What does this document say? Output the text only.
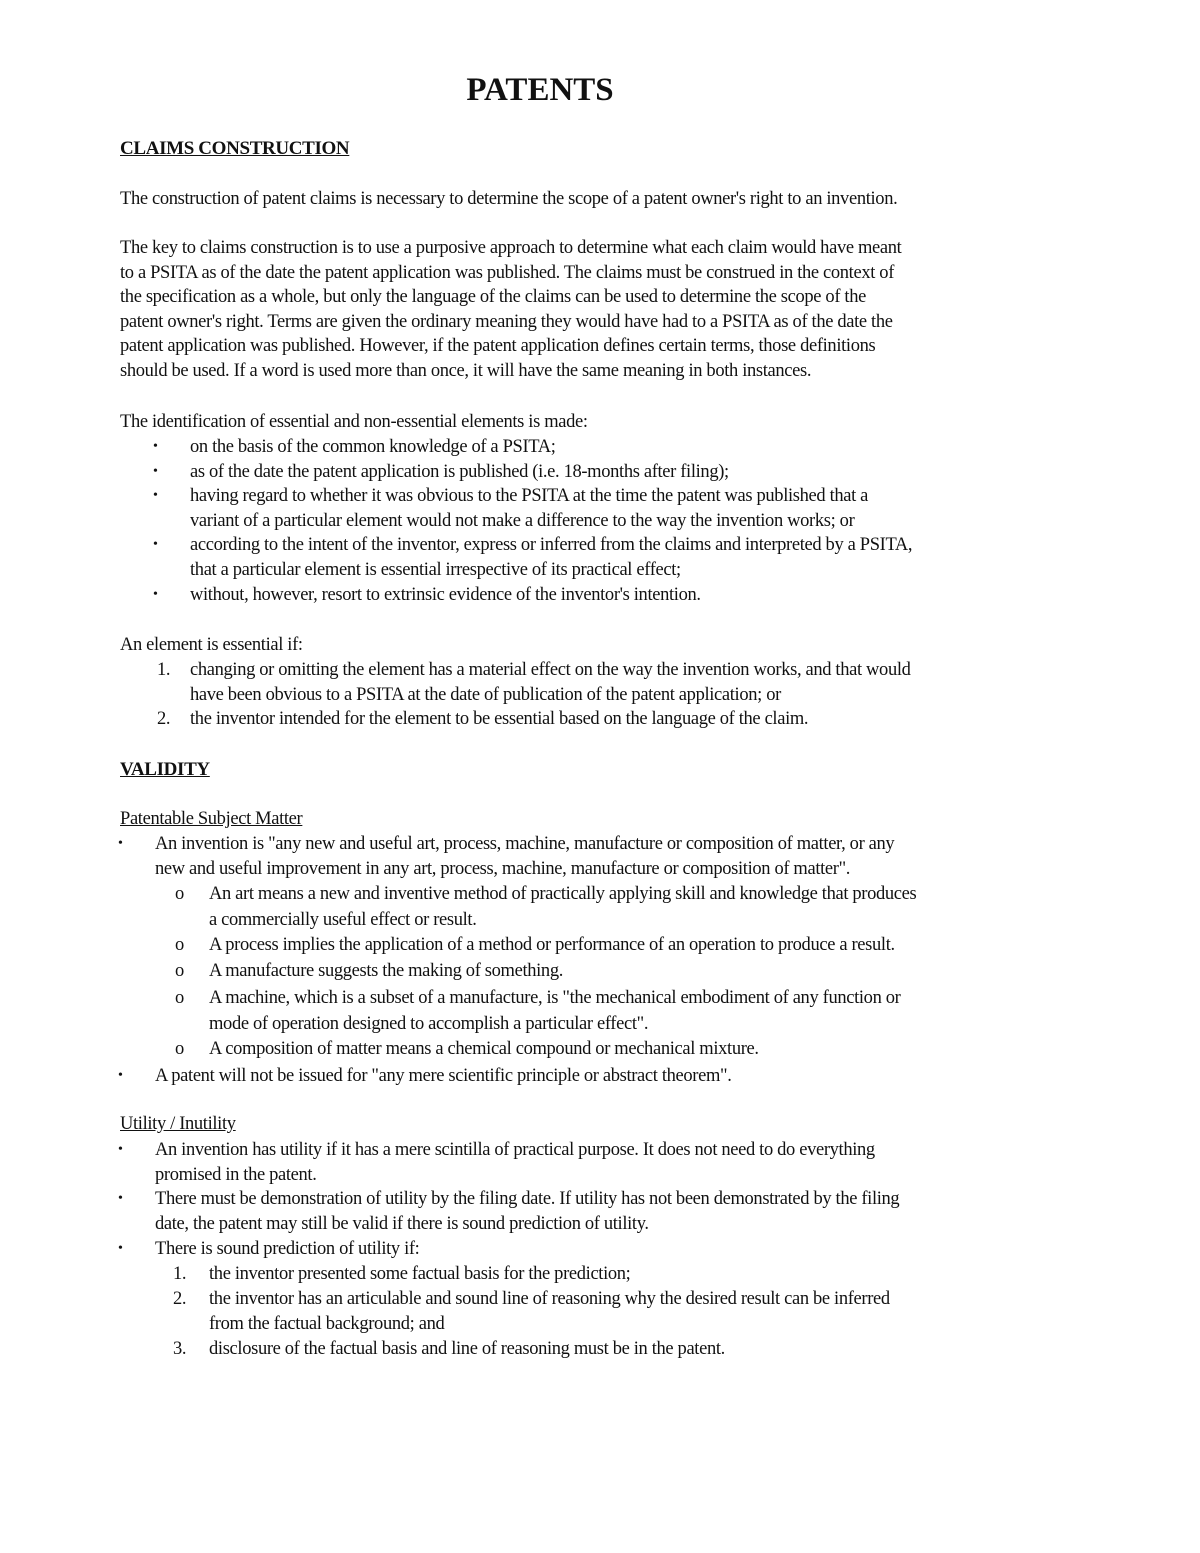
PATENTS
CLAIMS CONSTRUCTION
The construction of patent claims is necessary to determine the scope of a patent owner's right to an invention.
The key to claims construction is to use a purposive approach to determine what each claim would have meant
to a PSITA as of the date the patent application was published. The claims must be construed in the context of
the specification as a whole, but only the language of the claims can be used to determine the scope of the
patent owner's right. Terms are given the ordinary meaning they would have had to a PSITA as of the date the
patent application was published. However, if the patent application defines certain terms, those definitions
should be used. If a word is used more than once, it will have the same meaning in both instances.
The identification of essential and non-essential elements is made:
• on the basis of the common knowledge of a PSITA;
• as of the date the patent application is published (i.e. 18-months after filing);
• having regard to whether it was obvious to the PSITA at the time the patent was published that a
variant of a particular element would not make a difference to the way the invention works; or
• according to the intent of the inventor, express or inferred from the claims and interpreted by a PSITA,
that a particular element is essential irrespective of its practical effect;
• without, however, resort to extrinsic evidence of the inventor's intention.
An element is essential if:
1. changing or omitting the element has a material effect on the way the invention works, and that would
have been obvious to a PSITA at the date of publication of the patent application; or
2. the inventor intended for the element to be essential based on the language of the claim.
VALIDITY
Patentable Subject Matter
• An invention is "any new and useful art, process, machine, manufacture or composition of matter, or any
new and useful improvement in any art, process, machine, manufacture or composition of matter".
o An art means a new and inventive method of practically applying skill and knowledge that produces
a commercially useful effect or result.
o A process implies the application of a method or performance of an operation to produce a result.
o A manufacture suggests the making of something.
o A machine, which is a subset of a manufacture, is "the mechanical embodiment of any function or
mode of operation designed to accomplish a particular effect".
o A composition of matter means a chemical compound or mechanical mixture.
• A patent will not be issued for "any mere scientific principle or abstract theorem".
Utility / Inutility
• An invention has utility if it has a mere scintilla of practical purpose. It does not need to do everything
promised in the patent.
• There must be demonstration of utility by the filing date. If utility has not been demonstrated by the filing
date, the patent may still be valid if there is sound prediction of utility.
• There is sound prediction of utility if:
1. the inventor presented some factual basis for the prediction;
2. the inventor has an articulable and sound line of reasoning why the desired result can be inferred
from the factual background; and
3. disclosure of the factual basis and line of reasoning must be in the patent.
